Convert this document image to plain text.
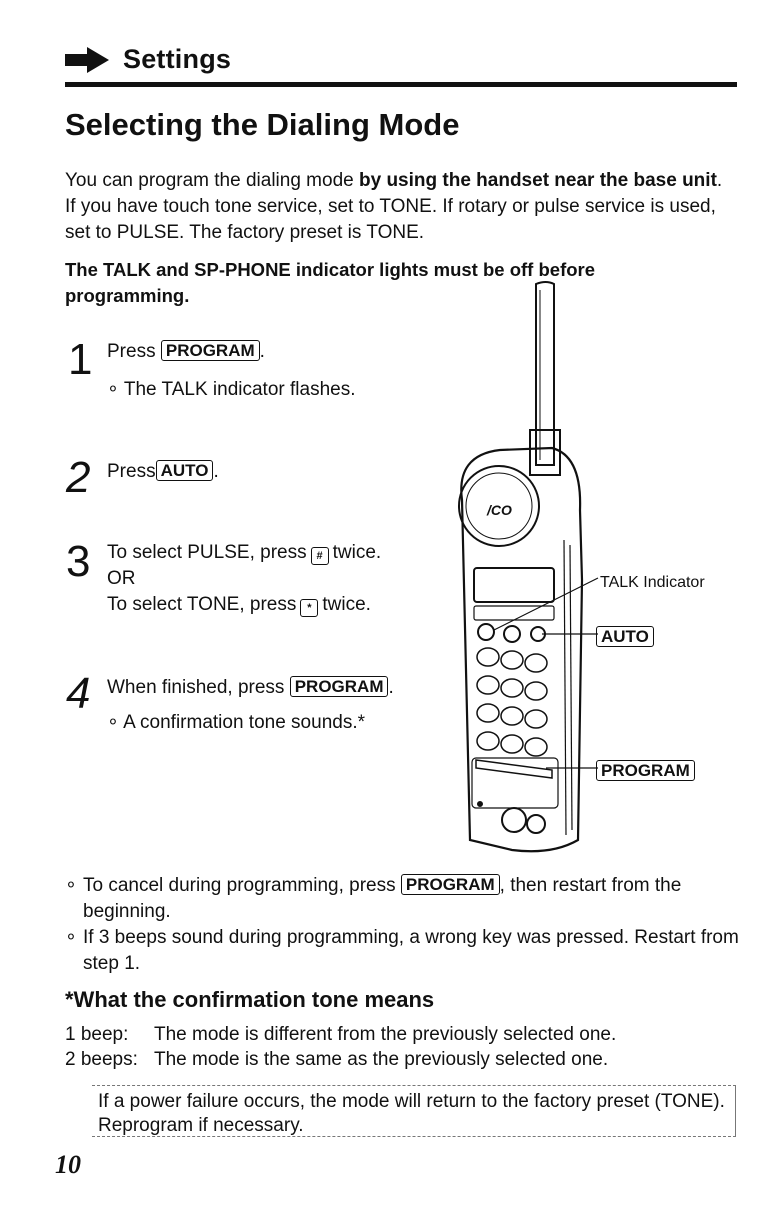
Settings
Selecting the Dialing Mode

You can program the dialing mode by using the handset near the base unit. If you have touch tone service, set to TONE. If rotary or pulse service is used, set to PULSE. The factory preset is TONE.

The TALK and SP-PHONE indicator lights must be off before programming.

1 Press PROGRAM .
∘ The TALK indicator flashes.
2 Press AUTO .
3 To select PULSE, press # twice.
OR
To select TONE, press * twice.
4 When finished, press PROGRAM .
∘ A confirmation tone sounds.*
/CO
TALK Indicator
AUTO
PROGRAM
∘ To cancel during programming, press PROGRAM , then restart from the beginning.
∘ If 3 beeps sound during programming, a wrong key was pressed. Restart from step 1.
*What the confirmation tone means
1 beep: The mode is different from the previously selected one.
2 beeps: The mode is the same as the previously selected one.
If a power failure occurs, the mode will return to the factory preset (TONE). Reprogram if necessary.
10
